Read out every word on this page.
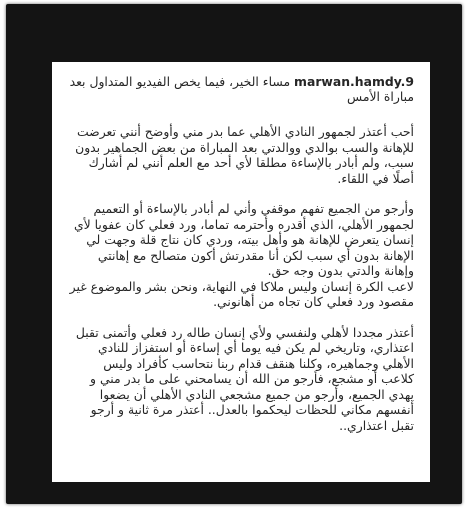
marwan.hamdy.9 مساء الخير، فيما يخص الفيديو المتداول بعد مباراة الأمس

أحب أعتذر لجمهور النادي الأهلي عما بدر مني وأوضح أنني تعرضت للإهانة والسب بوالدي ووالدتي بعد المباراة من بعض الجماهير بدون سبب، ولم أبادر بالإساءة مطلقا لأي أحد مع العلم أنني لم أشارك أصلًا في اللقاء.

وأرجو من الجميع تفهم موقفي وأني لم أبادر بالإساءة أو التعميم لجمهور الأهلي، الذي أقدره وأحترمه تماما، ورد فعلي كان عفويا لأي إنسان يتعرض للإهانة هو وأهل بيته، وردي كان نتاج قلة وجهت لي الإهانة بدون أي سبب لكن أنا مقدرتش أكون متصالح مع إهانتي وإهانة والدتي بدون وجه حق.

لاعب الكرة إنسان وليس ملاكا في النهاية، ونحن بشر والموضوع غير مقصود ورد فعلي كان تجاه من أهانوني.

أعتذر مجددا لأهلي ولنفسي ولأي إنسان طاله رد فعلي وأتمنى تقبل اعتذاري، وتاريخي لم يكن فيه يوما أي إساءة أو استفزاز للنادي الأهلي وجماهيره، وكلنا هنقف قدام ربنا نتحاسب كأفراد وليس كلاعب أو مشجع، فأرجو من الله أن يسامحني على ما بدر مني و يهدي الجميع، وأرجو من جميع مشجعي النادي الأهلي أن يضعوا أنفسهم مكاني للحظات ليحكموا بالعدل.. أعتذر مرة ثانية و أرجو تقبل اعتذاري..
